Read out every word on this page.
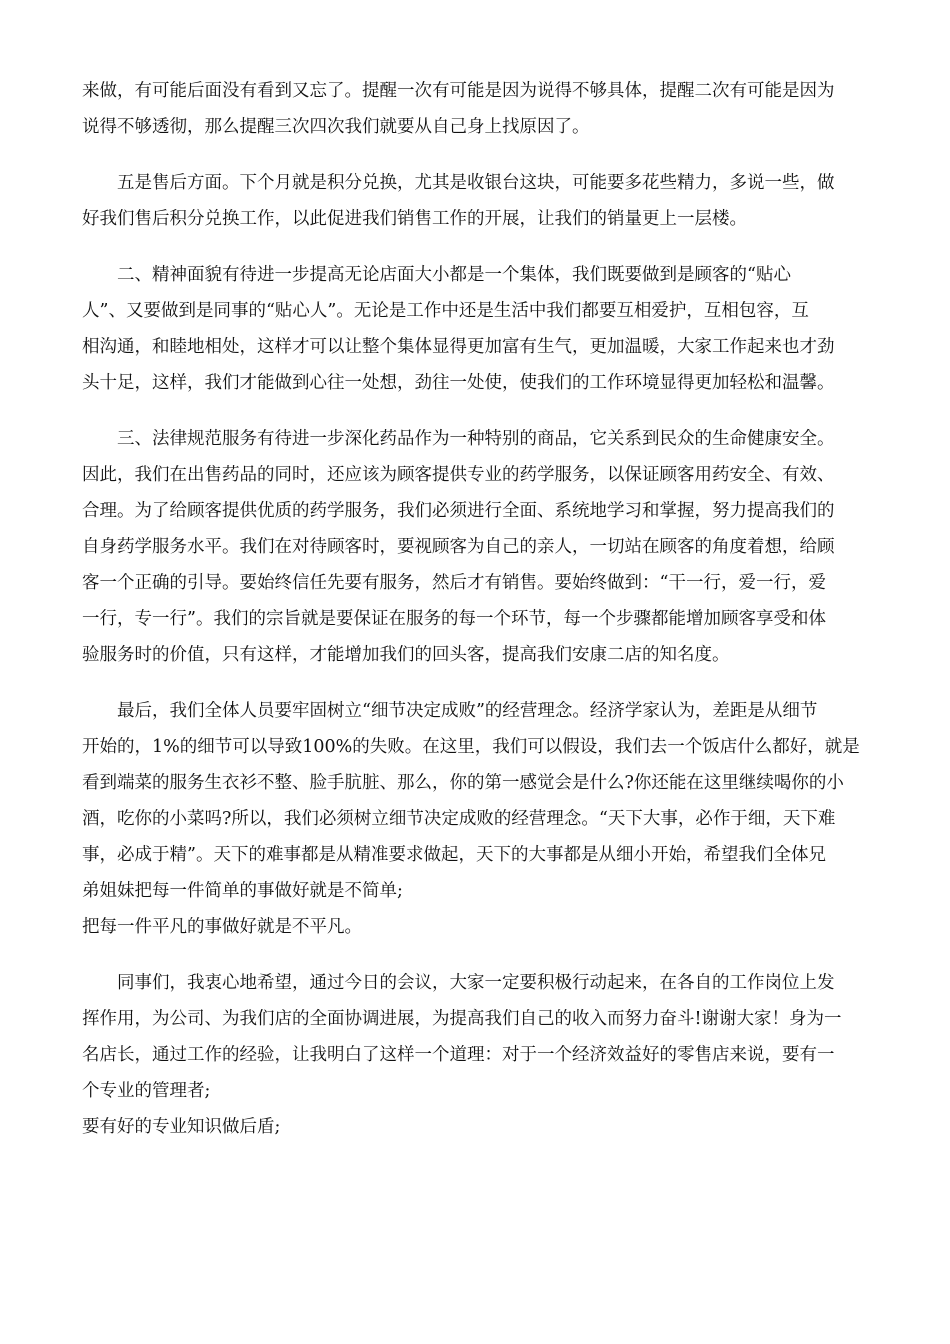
来做，有可能后面没有看到又忘了。提醒一次有可能是因为说得不够具体，提醒二次有可能是因为
说得不够透彻，那么提醒三次四次我们就要从自己身上找原因了。
　　五是售后方面。下个月就是积分兑换，尤其是收银台这块，可能要多花些精力，多说一些，做
好我们售后积分兑换工作，以此促进我们销售工作的开展，让我们的销量更上一层楼。
　　二、精神面貌有待进一步提高无论店面大小都是一个集体，我们既要做到是顾客的“贴心
人”、又要做到是同事的“贴心人”。无论是工作中还是生活中我们都要互相爱护，互相包容，互
相沟通，和睦地相处，这样才可以让整个集体显得更加富有生气，更加温暖，大家工作起来也才劲
头十足，这样，我们才能做到心往一处想，劲往一处使，使我们的工作环境显得更加轻松和温馨。
　　三、法律规范服务有待进一步深化药品作为一种特别的商品，它关系到民众的生命健康安全。
因此，我们在出售药品的同时，还应该为顾客提供专业的药学服务，以保证顾客用药安全、有效、
合理。为了给顾客提供优质的药学服务，我们必须进行全面、系统地学习和掌握，努力提高我们的
自身药学服务水平。我们在对待顾客时，要视顾客为自己的亲人，一切站在顾客的角度着想，给顾
客一个正确的引导。要始终信任先要有服务，然后才有销售。要始终做到：“干一行，爱一行，爱
一行，专一行”。我们的宗旨就是要保证在服务的每一个环节，每一个步骤都能增加顾客享受和体
验服务时的价值，只有这样，才能增加我们的回头客，提高我们安康二店的知名度。
　　最后，我们全体人员要牢固树立“细节决定成败”的经营理念。经济学家认为，差距是从细节
开始的，1%的细节可以导致100%的失败。在这里，我们可以假设，我们去一个饭店什么都好，就是
看到端菜的服务生衣衫不整、脸手肮脏、那么，你的第一感觉会是什么?你还能在这里继续喝你的小
酒，吃你的小菜吗?所以，我们必须树立细节决定成败的经营理念。“天下大事，必作于细，天下难
事，必成于精”。天下的难事都是从精准要求做起，天下的大事都是从细小开始，希望我们全体兄
弟姐妹把每一件简单的事做好就是不简单;
把每一件平凡的事做好就是不平凡。
　　同事们，我衷心地希望，通过今日的会议，大家一定要积极行动起来，在各自的工作岗位上发
挥作用，为公司、为我们店的全面协调进展，为提高我们自己的收入而努力奋斗!谢谢大家！身为一
名店长，通过工作的经验，让我明白了这样一个道理：对于一个经济效益好的零售店来说，要有一
个专业的管理者;
要有好的专业知识做后盾;
